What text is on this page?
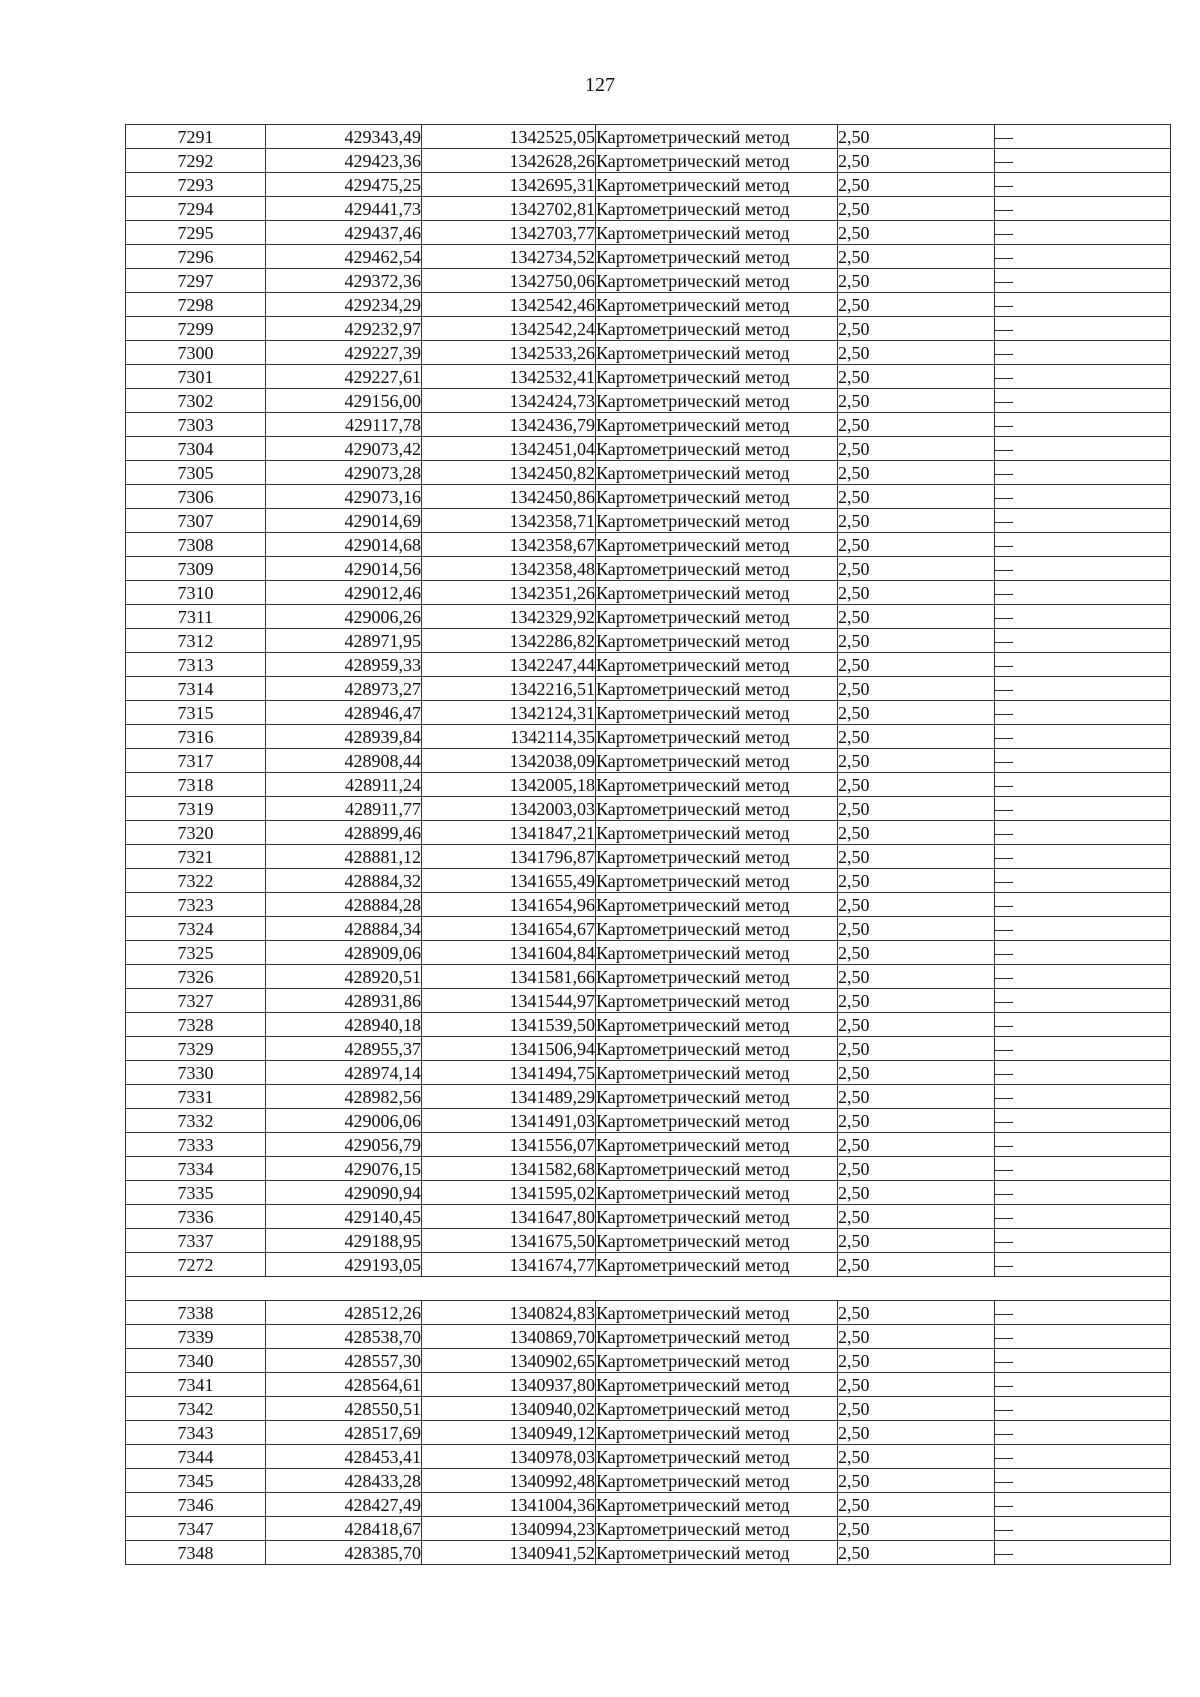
127
7291	429343,49	1342525,05	Картометрический метод	2,50	—
7292	429423,36	1342628,26	Картометрический метод	2,50	—
7293	429475,25	1342695,31	Картометрический метод	2,50	—
7294	429441,73	1342702,81	Картометрический метод	2,50	—
7295	429437,46	1342703,77	Картометрический метод	2,50	—
7296	429462,54	1342734,52	Картометрический метод	2,50	—
7297	429372,36	1342750,06	Картометрический метод	2,50	—
7298	429234,29	1342542,46	Картометрический метод	2,50	—
7299	429232,97	1342542,24	Картометрический метод	2,50	—
7300	429227,39	1342533,26	Картометрический метод	2,50	—
7301	429227,61	1342532,41	Картометрический метод	2,50	—
7302	429156,00	1342424,73	Картометрический метод	2,50	—
7303	429117,78	1342436,79	Картометрический метод	2,50	—
7304	429073,42	1342451,04	Картометрический метод	2,50	—
7305	429073,28	1342450,82	Картометрический метод	2,50	—
7306	429073,16	1342450,86	Картометрический метод	2,50	—
7307	429014,69	1342358,71	Картометрический метод	2,50	—
7308	429014,68	1342358,67	Картометрический метод	2,50	—
7309	429014,56	1342358,48	Картометрический метод	2,50	—
7310	429012,46	1342351,26	Картометрический метод	2,50	—
7311	429006,26	1342329,92	Картометрический метод	2,50	—
7312	428971,95	1342286,82	Картометрический метод	2,50	—
7313	428959,33	1342247,44	Картометрический метод	2,50	—
7314	428973,27	1342216,51	Картометрический метод	2,50	—
7315	428946,47	1342124,31	Картометрический метод	2,50	—
7316	428939,84	1342114,35	Картометрический метод	2,50	—
7317	428908,44	1342038,09	Картометрический метод	2,50	—
7318	428911,24	1342005,18	Картометрический метод	2,50	—
7319	428911,77	1342003,03	Картометрический метод	2,50	—
7320	428899,46	1341847,21	Картометрический метод	2,50	—
7321	428881,12	1341796,87	Картометрический метод	2,50	—
7322	428884,32	1341655,49	Картометрический метод	2,50	—
7323	428884,28	1341654,96	Картометрический метод	2,50	—
7324	428884,34	1341654,67	Картометрический метод	2,50	—
7325	428909,06	1341604,84	Картометрический метод	2,50	—
7326	428920,51	1341581,66	Картометрический метод	2,50	—
7327	428931,86	1341544,97	Картометрический метод	2,50	—
7328	428940,18	1341539,50	Картометрический метод	2,50	—
7329	428955,37	1341506,94	Картометрический метод	2,50	—
7330	428974,14	1341494,75	Картометрический метод	2,50	—
7331	428982,56	1341489,29	Картометрический метод	2,50	—
7332	429006,06	1341491,03	Картометрический метод	2,50	—
7333	429056,79	1341556,07	Картометрический метод	2,50	—
7334	429076,15	1341582,68	Картометрический метод	2,50	—
7335	429090,94	1341595,02	Картометрический метод	2,50	—
7336	429140,45	1341647,80	Картометрический метод	2,50	—
7337	429188,95	1341675,50	Картометрический метод	2,50	—
7272	429193,05	1341674,77	Картометрический метод	2,50	—

7338	428512,26	1340824,83	Картометрический метод	2,50	—
7339	428538,70	1340869,70	Картометрический метод	2,50	—
7340	428557,30	1340902,65	Картометрический метод	2,50	—
7341	428564,61	1340937,80	Картометрический метод	2,50	—
7342	428550,51	1340940,02	Картометрический метод	2,50	—
7343	428517,69	1340949,12	Картометрический метод	2,50	—
7344	428453,41	1340978,03	Картометрический метод	2,50	—
7345	428433,28	1340992,48	Картометрический метод	2,50	—
7346	428427,49	1341004,36	Картометрический метод	2,50	—
7347	428418,67	1340994,23	Картометрический метод	2,50	—
7348	428385,70	1340941,52	Картометрический метод	2,50	—
